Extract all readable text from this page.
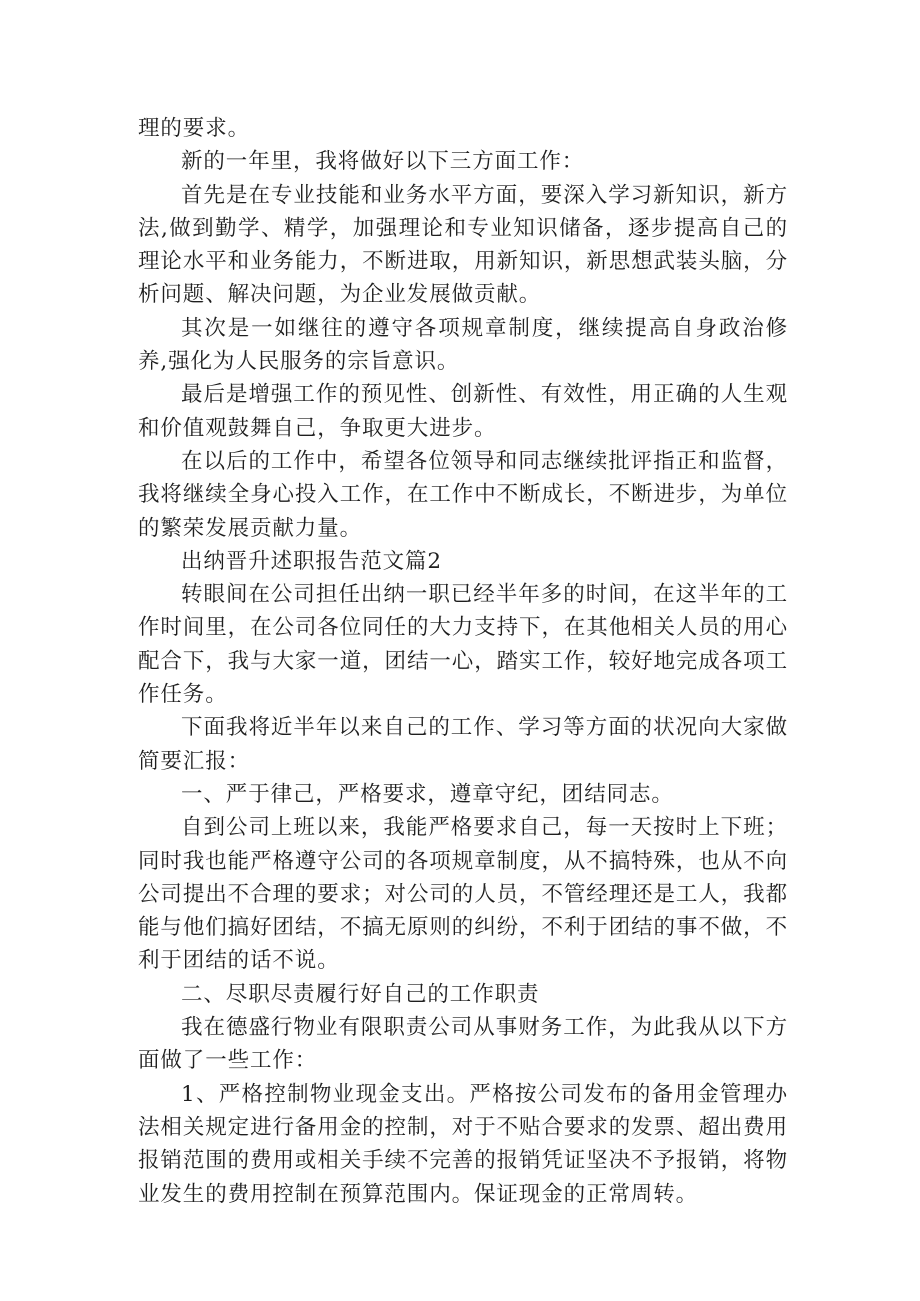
理的要求。

新的一年里，我将做好以下三方面工作：

首先是在专业技能和业务水平方面，要深入学习新知识，新方法,做到勤学、精学，加强理论和专业知识储备，逐步提高自己的理论水平和业务能力，不断进取，用新知识，新思想武装头脑，分析问题、解决问题，为企业发展做贡献。

其次是一如继往的遵守各项规章制度，继续提高自身政治修养,强化为人民服务的宗旨意识。

最后是增强工作的预见性、创新性、有效性，用正确的人生观和价值观鼓舞自己，争取更大进步。

在以后的工作中，希望各位领导和同志继续批评指正和监督，我将继续全身心投入工作，在工作中不断成长，不断进步，为单位的繁荣发展贡献力量。

出纳晋升述职报告范文篇2

转眼间在公司担任出纳一职已经半年多的时间，在这半年的工作时间里，在公司各位同任的大力支持下，在其他相关人员的用心配合下，我与大家一道，团结一心，踏实工作，较好地完成各项工作任务。

下面我将近半年以来自己的工作、学习等方面的状况向大家做简要汇报：

一、严于律己，严格要求，遵章守纪，团结同志。

自到公司上班以来，我能严格要求自己，每一天按时上下班；同时我也能严格遵守公司的各项规章制度，从不搞特殊，也从不向公司提出不合理的要求；对公司的人员，不管经理还是工人，我都能与他们搞好团结，不搞无原则的纠纷，不利于团结的事不做，不利于团结的话不说。

二、尽职尽责履行好自己的工作职责

我在德盛行物业有限职责公司从事财务工作，为此我从以下方面做了一些工作：

1、严格控制物业现金支出。严格按公司发布的备用金管理办法相关规定进行备用金的控制，对于不贴合要求的发票、超出费用报销范围的费用或相关手续不完善的报销凭证坚决不予报销，将物业发生的费用控制在预算范围内。保证现金的正常周转。
